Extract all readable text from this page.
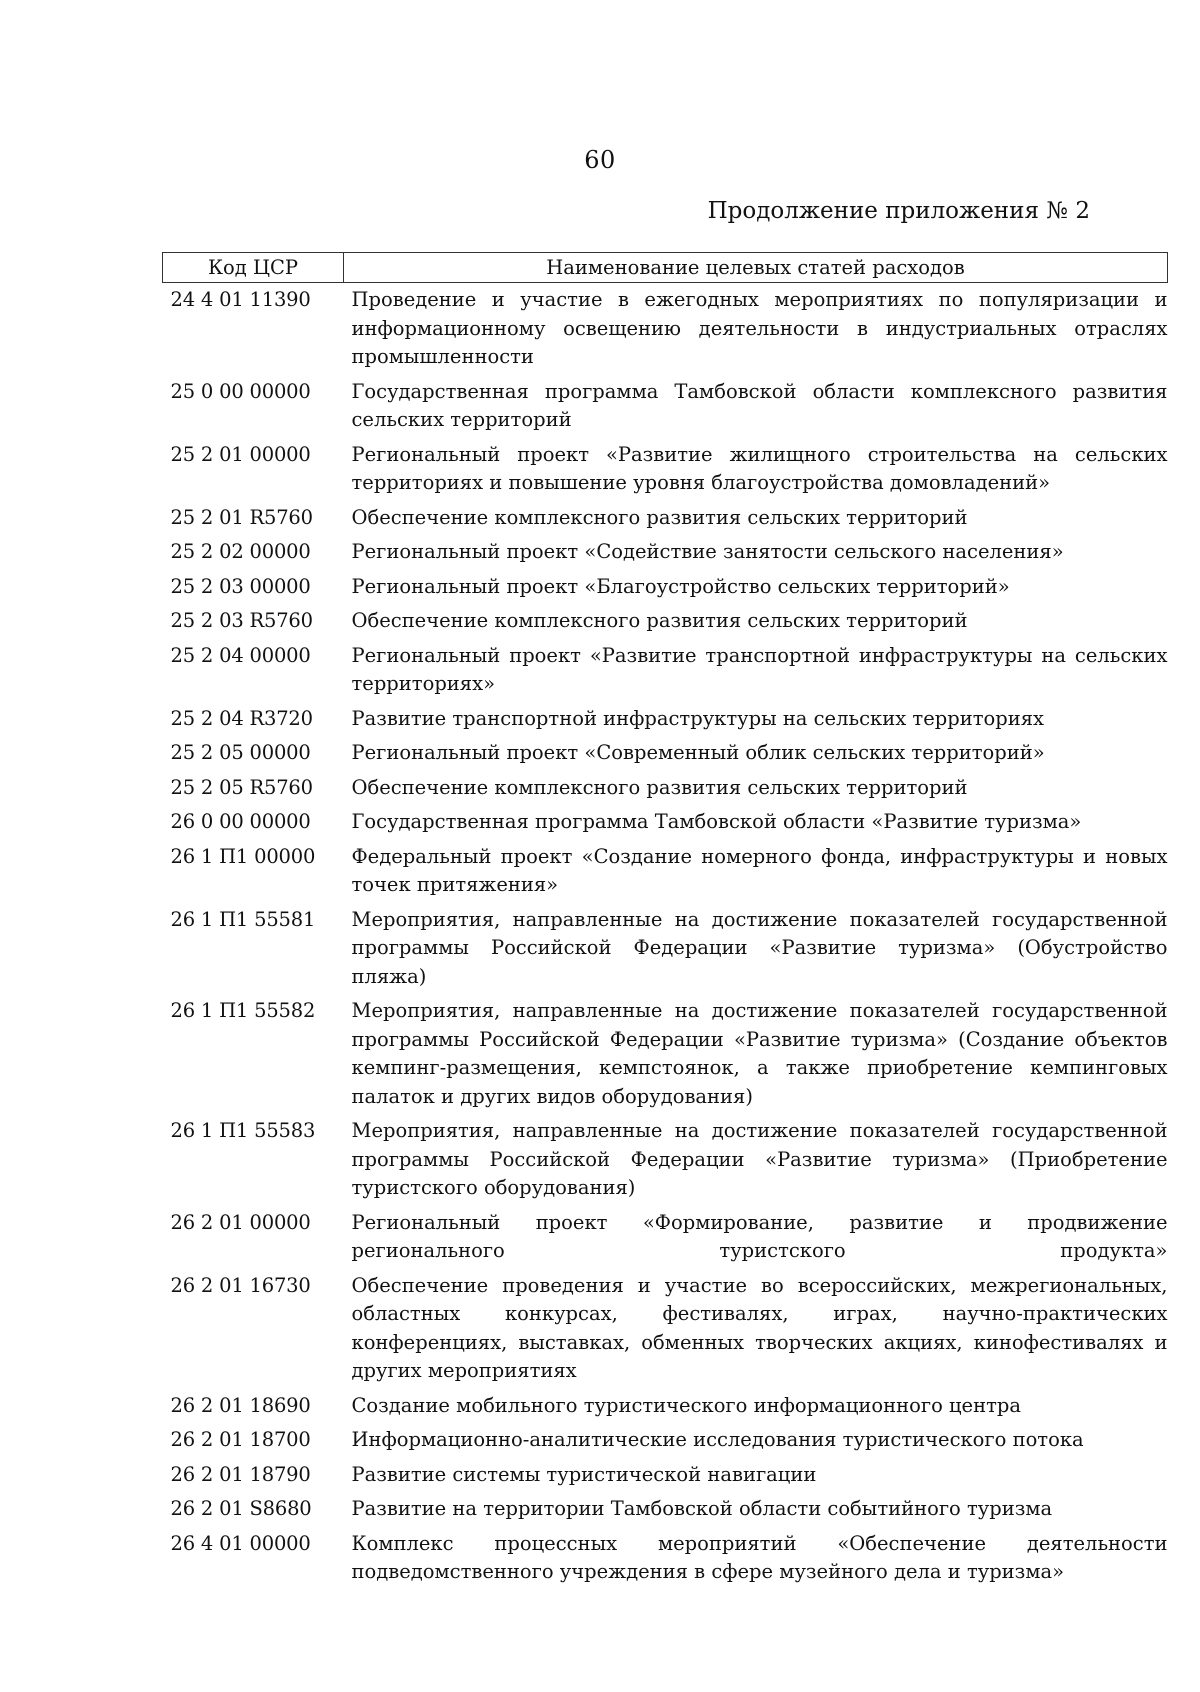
60
Продолжение приложения № 2
Код ЦСР	Наименование целевых статей расходов
24 4 01 11390	Проведение и участие в ежегодных мероприятиях по популяризации и информационному освещению деятельности в индустриальных отраслях промышленности
25 0 00 00000	Государственная программа Тамбовской области комплексного развития сельских территорий
25 2 01 00000	Региональный проект «Развитие жилищного строительства на сельских территориях и повышение уровня благоустройства домовладений»
25 2 01 R5760	Обеспечение комплексного развития сельских территорий
25 2 02 00000	Региональный проект «Содействие занятости сельского населения»
25 2 03 00000	Региональный проект «Благоустройство сельских территорий»
25 2 03 R5760	Обеспечение комплексного развития сельских территорий
25 2 04 00000	Региональный проект «Развитие транспортной инфраструктуры на сельских территориях»
25 2 04 R3720	Развитие транспортной инфраструктуры на сельских территориях
25 2 05 00000	Региональный проект «Современный облик сельских территорий»
25 2 05 R5760	Обеспечение комплексного развития сельских территорий
26 0 00 00000	Государственная программа Тамбовской области «Развитие туризма»
26 1 П1 00000	Федеральный проект «Создание номерного фонда, инфраструктуры и новых точек притяжения»
26 1 П1 55581	Мероприятия, направленные на достижение показателей государственной программы Российской Федерации «Развитие туризма» (Обустройство пляжа)
26 1 П1 55582	Мероприятия, направленные на достижение показателей государственной программы Российской Федерации «Развитие туризма» (Создание объектов кемпинг-размещения, кемпстоянок, а также приобретение кемпинговых палаток и других видов оборудования)
26 1 П1 55583	Мероприятия, направленные на достижение показателей государственной программы Российской Федерации «Развитие туризма» (Приобретение туристского оборудования)
26 2 01 00000	Региональный проект «Формирование, развитие и продвижение регионального туристского продукта»
26 2 01 16730	Обеспечение проведения и участие во всероссийских, межрегиональных, областных конкурсах, фестивалях, играх, научно-практических конференциях, выставках, обменных творческих акциях, кинофестивалях и других мероприятиях
26 2 01 18690	Создание мобильного туристического информационного центра
26 2 01 18700	Информационно-аналитические исследования туристического потока
26 2 01 18790	Развитие системы туристической навигации
26 2 01 S8680	Развитие на территории Тамбовской области событийного туризма
26 4 01 00000	Комплекс процессных мероприятий «Обеспечение деятельности подведомственного учреждения в сфере музейного дела и туризма»
